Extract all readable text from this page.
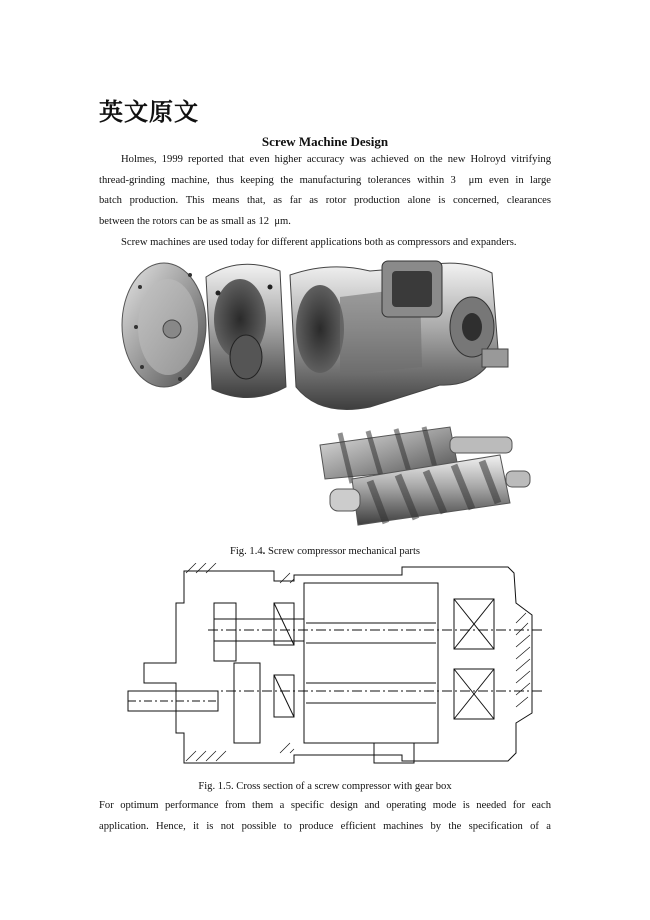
英文原文
Screw Machine Design

Holmes, 1999 reported that even higher accuracy was achieved on the new Holroyd vitrifying
thread-grinding machine, thus keeping the manufacturing tolerances within 3  μm even in large
batch production. This means that, as far as rotor production alone is concerned, clearances
between the rotors can be as small as 12  μm.

Screw machines are used today for different applications both as compressors and expanders.

Fig. 1.4. Screw compressor mechanical parts

Fig. 1.5. Cross section of a screw compressor with gear box

For optimum performance from them a specific design and operating mode is needed for each
application. Hence, it is not possible to produce efficient machines by the specification of a
